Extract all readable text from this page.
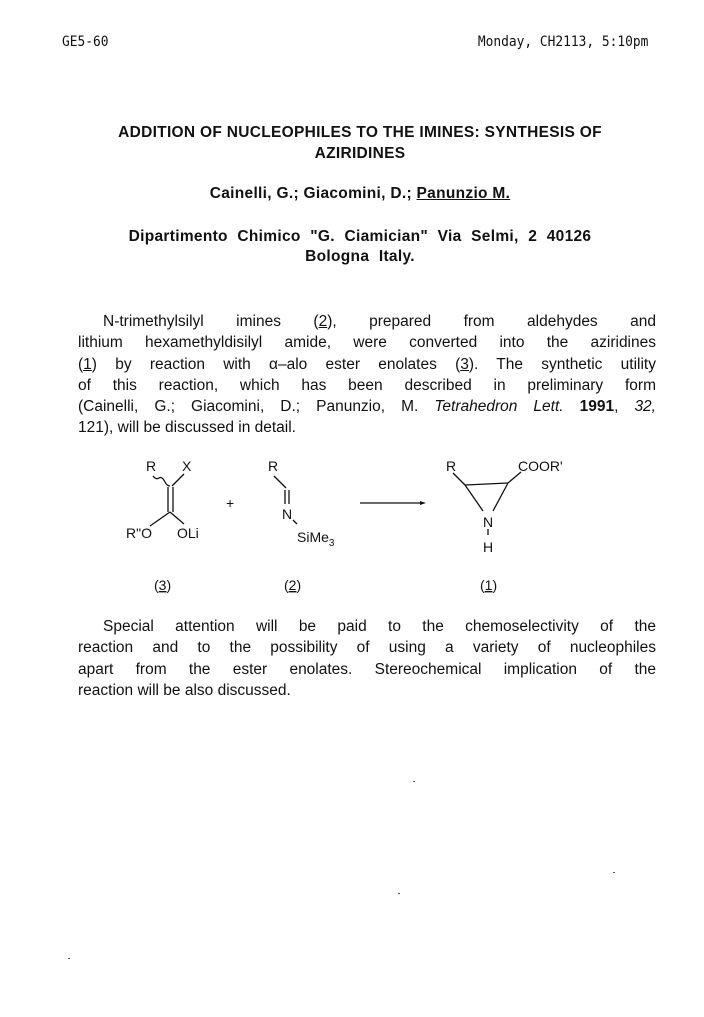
GE5-60	Monday, CH2113, 5:10pm
ADDITION OF NUCLEOPHILES TO THE IMINES: SYNTHESIS OF
AZIRIDINES
Cainelli, G.; Giacomini, D.; Panunzio M.
Dipartimento Chimico "G. Ciamician" Via Selmi, 2 40126
Bologna Italy.
N-trimethylsilyl imines (2), prepared from aldehydes and
lithium hexamethyldisilyl amide, were converted into the aziridines
(1) by reaction with α–alo ester enolates (3). The synthetic utility
of this reaction, which has been described in preliminary form
(Cainelli, G.; Giacomini, D.; Panunzio, M. Tetrahedron Lett. 1991, 32,
121), will be discussed in detail.
R X
R"O OLi
+
R
N
SiMe$_3$
R	COOR'
N
H
(3)	(2)	(1)
Special attention will be paid to the chemoselectivity of the
reaction and to the possibility of using a variety of nucleophiles
apart from the ester enolates. Stereochemical implication of the
reaction will be also discussed.
